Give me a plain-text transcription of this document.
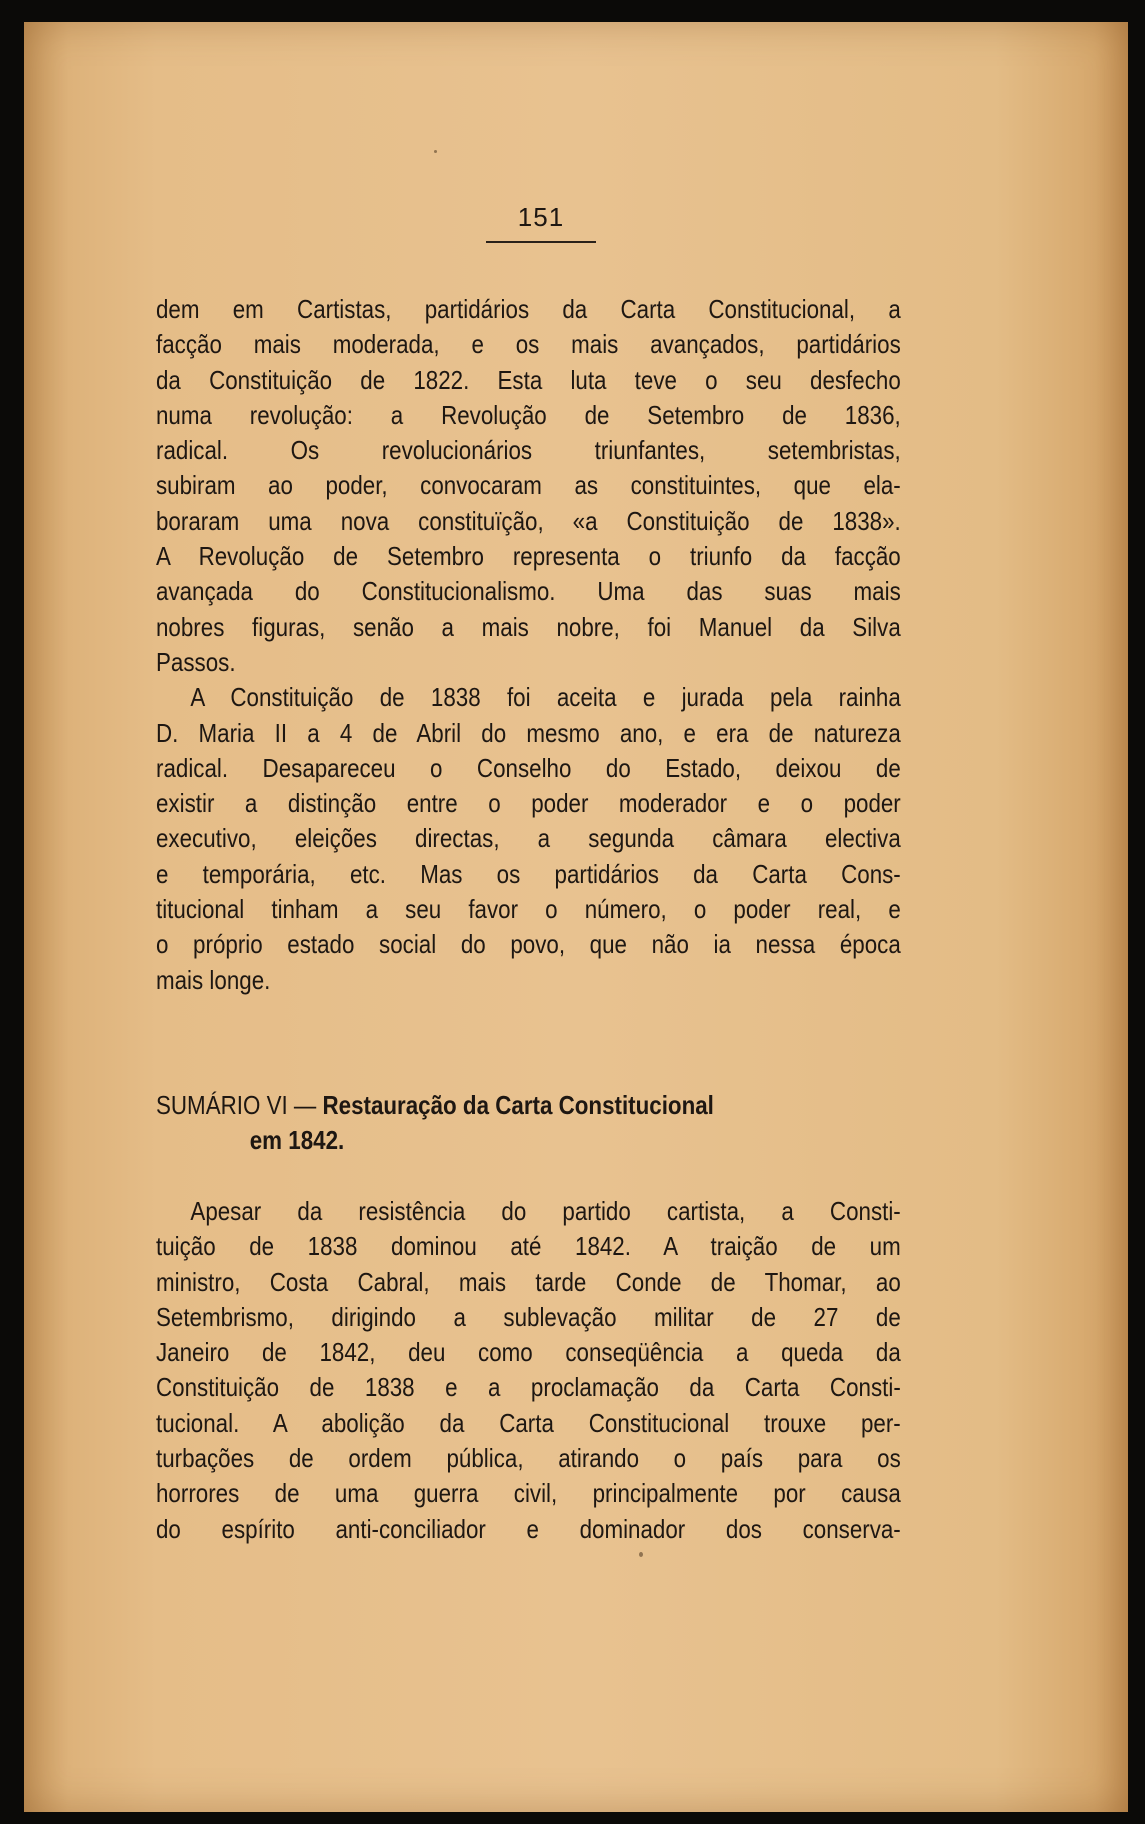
151
dem em Cartistas, partidários da Carta Constitucional, a
facção mais moderada, e os mais avançados, partidários
da Constituição de 1822. Esta luta teve o seu desfecho
numa revolução: a Revolução de Setembro de 1836,
radical. Os revolucionários triunfantes, setembristas,
subiram ao poder, convocaram as constituintes, que ela-
boraram uma nova constituïção, «a Constituição de 1838».
A Revolução de Setembro representa o triunfo da facção
avançada do Constitucionalismo. Uma das suas mais
nobres figuras, senão a mais nobre, foi Manuel da Silva
Passos.
A Constituição de 1838 foi aceita e jurada pela rainha
D. Maria II a 4 de Abril do mesmo ano, e era de natureza
radical. Desapareceu o Conselho do Estado, deixou de
existir a distinção entre o poder moderador e o poder
executivo, eleições directas, a segunda câmara electiva
e temporária, etc. Mas os partidários da Carta Cons-
titucional tinham a seu favor o número, o poder real, e
o próprio estado social do povo, que não ia nessa época
mais longe.
SUMÁRIO VI — Restauração da Carta Constitucional
em 1842.
Apesar da resistência do partido cartista, a Consti-
tuição de 1838 dominou até 1842. A traição de um
ministro, Costa Cabral, mais tarde Conde de Thomar, ao
Setembrismo, dirigindo a sublevação militar de 27 de
Janeiro de 1842, deu como conseqüência a queda da
Constituição de 1838 e a proclamação da Carta Consti-
tucional. A abolição da Carta Constitucional trouxe per-
turbações de ordem pública, atirando o país para os
horrores de uma guerra civil, principalmente por causa
do espírito anti-conciliador e dominador dos conserva-
